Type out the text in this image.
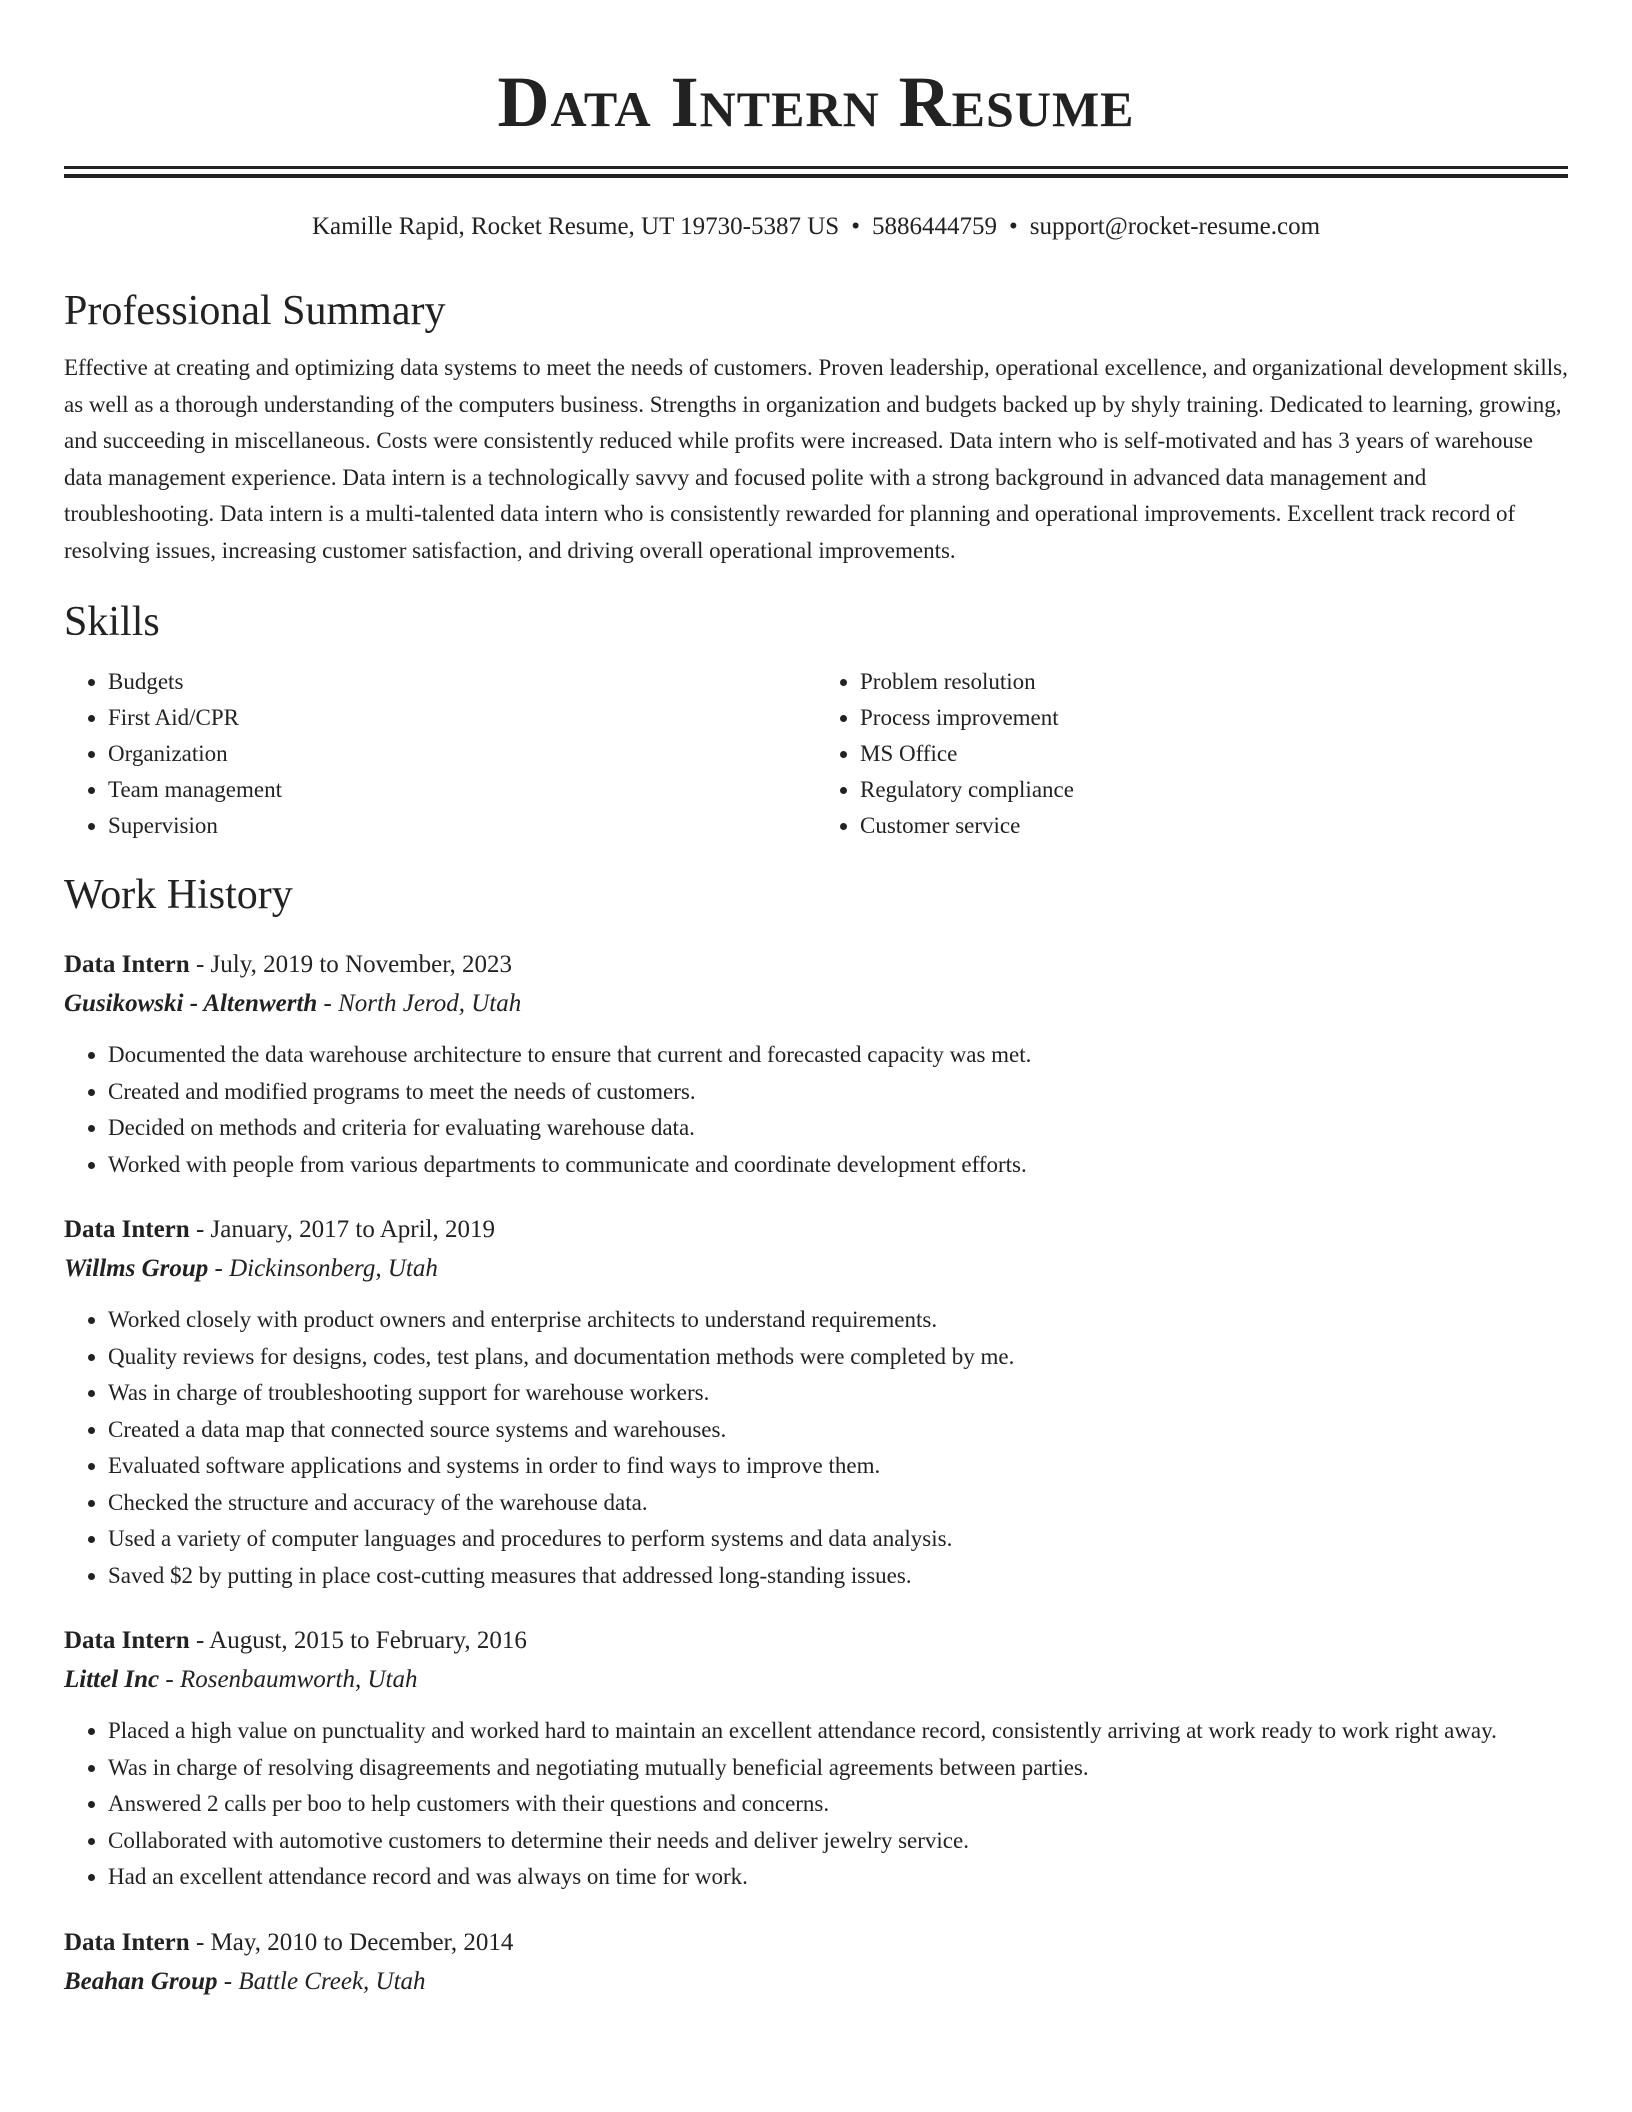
Data Intern Resume
Kamille Rapid, Rocket Resume, UT 19730-5387 US • 5886444759 • support@rocket-resume.com
Professional Summary

Effective at creating and optimizing data systems to meet the needs of customers. Proven leadership, operational excellence, and organizational development skills, as well as a thorough understanding of the computers business. Strengths in organization and budgets backed up by shyly training. Dedicated to learning, growing, and succeeding in miscellaneous. Costs were consistently reduced while profits were increased. Data intern who is self-motivated and has 3 years of warehouse data management experience. Data intern is a technologically savvy and focused polite with a strong background in advanced data management and troubleshooting. Data intern is a multi-talented data intern who is consistently rewarded for planning and operational improvements. Excellent track record of resolving issues, increasing customer satisfaction, and driving overall operational improvements.

Skills
• Budgets
• First Aid/CPR
• Organization
• Team management
• Supervision
• Problem resolution
• Process improvement
• MS Office
• Regulatory compliance
• Customer service
Work History
Data Intern - July, 2019 to November, 2023
Gusikowski - Altenwerth - North Jerod, Utah
• Documented the data warehouse architecture to ensure that current and forecasted capacity was met.
• Created and modified programs to meet the needs of customers.
• Decided on methods and criteria for evaluating warehouse data.
• Worked with people from various departments to communicate and coordinate development efforts.
Data Intern - January, 2017 to April, 2019
Willms Group - Dickinsonberg, Utah
• Worked closely with product owners and enterprise architects to understand requirements.
• Quality reviews for designs, codes, test plans, and documentation methods were completed by me.
• Was in charge of troubleshooting support for warehouse workers.
• Created a data map that connected source systems and warehouses.
• Evaluated software applications and systems in order to find ways to improve them.
• Checked the structure and accuracy of the warehouse data.
• Used a variety of computer languages and procedures to perform systems and data analysis.
• Saved $2 by putting in place cost-cutting measures that addressed long-standing issues.
Data Intern - August, 2015 to February, 2016
Littel Inc - Rosenbaumworth, Utah
• Placed a high value on punctuality and worked hard to maintain an excellent attendance record, consistently arriving at work ready to work right away.
• Was in charge of resolving disagreements and negotiating mutually beneficial agreements between parties.
• Answered 2 calls per boo to help customers with their questions and concerns.
• Collaborated with automotive customers to determine their needs and deliver jewelry service.
• Had an excellent attendance record and was always on time for work.
Data Intern - May, 2010 to December, 2014
Beahan Group - Battle Creek, Utah
